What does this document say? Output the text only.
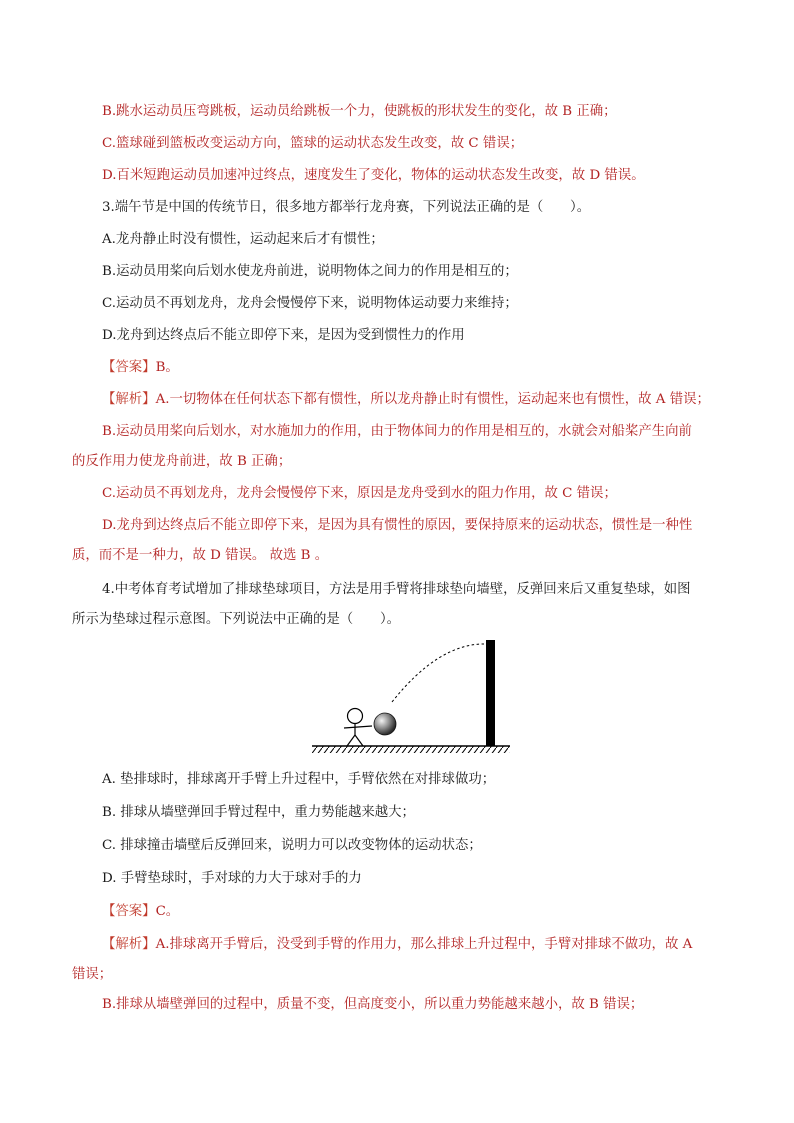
B.跳水运动员压弯跳板，运动员给跳板一个力，使跳板的形状发生的变化，故 B 正确；

C.篮球碰到篮板改变运动方向，篮球的运动状态发生改变，故 C 错误；

D.百米短跑运动员加速冲过终点，速度发生了变化，物体的运动状态发生改变，故 D 错误。

3.端午节是中国的传统节日，很多地方都举行龙舟赛，下列说法正确的是（　　）。

A.龙舟静止时没有惯性，运动起来后才有惯性；

B.运动员用桨向后划水使龙舟前进，说明物体之间力的作用是相互的；

C.运动员不再划龙舟，龙舟会慢慢停下来，说明物体运动要力来维持；

D.龙舟到达终点后不能立即停下来，是因为受到惯性力的作用

【答案】B。

【解析】A.一切物体在任何状态下都有惯性，所以龙舟静止时有惯性，运动起来也有惯性，故 A 错误；

B.运动员用桨向后划水，对水施加力的作用，由于物体间力的作用是相互的，水就会对船桨产生向前

的反作用力使龙舟前进，故 B 正确；

C.运动员不再划龙舟，龙舟会慢慢停下来，原因是龙舟受到水的阻力作用，故 C 错误；

D.龙舟到达终点后不能立即停下来，是因为具有惯性的原因，要保持原来的运动状态，惯性是一种性

质，而不是一种力，故 D 错误。 故选 B 。

4.中考体育考试增加了排球垫球项目，方法是用手臂将排球垫向墙壁，反弹回来后又重复垫球，如图

所示为垫球过程示意图。下列说法中正确的是（　　）。

A. 垫排球时，排球离开手臂上升过程中，手臂依然在对排球做功；

B. 排球从墙壁弹回手臂过程中，重力势能越来越大；

C. 排球撞击墙壁后反弹回来，说明力可以改变物体的运动状态；

D. 手臂垫球时，手对球的力大于球对手的力

【答案】C。

【解析】A.排球离开手臂后，没受到手臂的作用力，那么排球上升过程中，手臂对排球不做功，故 A

错误；

B.排球从墙壁弹回的过程中，质量不变，但高度变小，所以重力势能越来越小，故 B 错误；
